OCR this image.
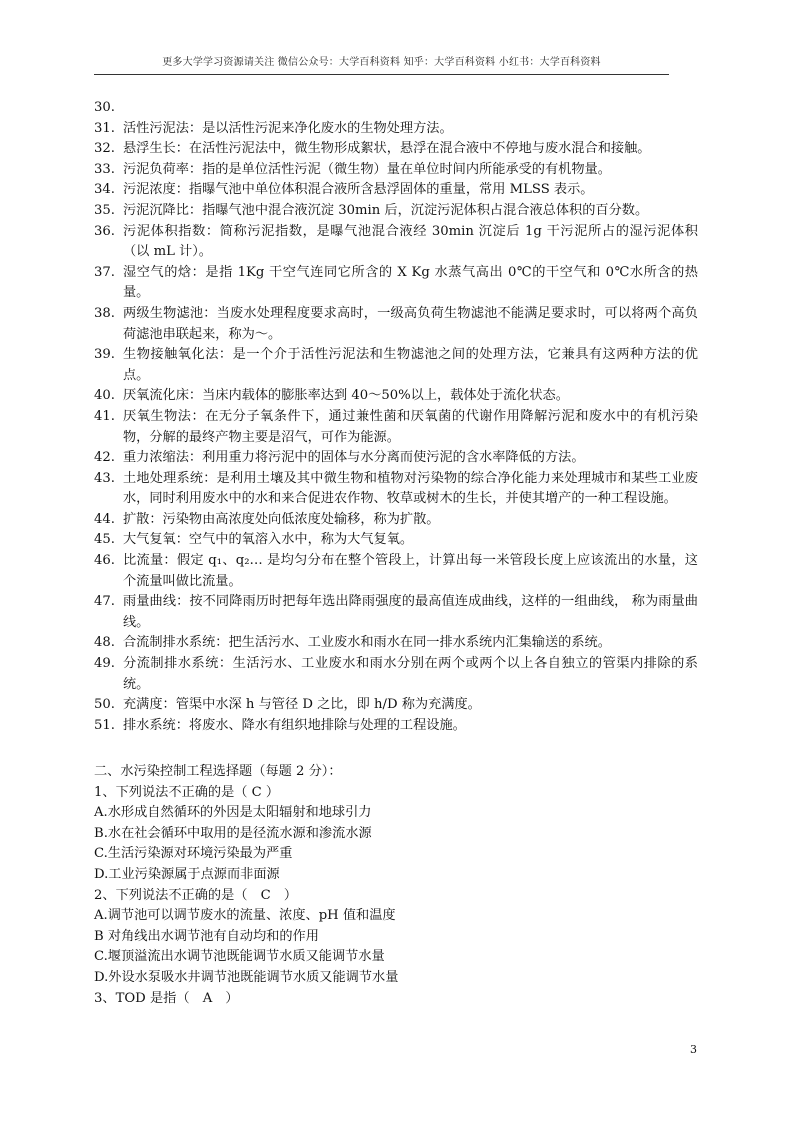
更多大学学习资源请关注 微信公众号：大学百科资料 知乎：大学百科资料 小红书：大学百科资料
30.
31. 活性污泥法：是以活性污泥来净化废水的生物处理方法。
32. 悬浮生长：在活性污泥法中，微生物形成絮状，悬浮在混合液中不停地与废水混合和接触。
33. 污泥负荷率：指的是单位活性污泥（微生物）量在单位时间内所能承受的有机物量。
34. 污泥浓度：指曝气池中单位体积混合液所含悬浮固体的重量，常用 MLSS 表示。
35. 污泥沉降比：指曝气池中混合液沉淀 30min 后，沉淀污泥体积占混合液总体积的百分数。
36. 污泥体积指数：简称污泥指数，是曝气池混合液经 30min 沉淀后 1g 干污泥所占的湿污泥体积（以 mL 计）。
37. 湿空气的焓：是指 1Kg 干空气连同它所含的 X Kg 水蒸气高出 0℃的干空气和 0℃水所含的热量。
38. 两级生物滤池：当废水处理程度要求高时，一级高负荷生物滤池不能满足要求时，可以将两个高负荷滤池串联起来，称为～。
39. 生物接触氧化法：是一个介于活性污泥法和生物滤池之间的处理方法，它兼具有这两种方法的优点。
40. 厌氧流化床：当床内载体的膨胀率达到 40～50%以上，载体处于流化状态。
41. 厌氧生物法：在无分子氧条件下，通过兼性菌和厌氧菌的代谢作用降解污泥和废水中的有机污染物，分解的最终产物主要是沼气，可作为能源。
42. 重力浓缩法：利用重力将污泥中的固体与水分离而使污泥的含水率降低的方法。
43. 土地处理系统：是利用土壤及其中微生物和植物对污染物的综合净化能力来处理城市和某些工业废水，同时利用废水中的水和来合促进农作物、牧草或树木的生长，并使其增产的一种工程设施。
44. 扩散：污染物由高浓度处向低浓度处输移，称为扩散。
45. 大气复氧：空气中的氧溶入水中，称为大气复氧。
46. 比流量：假定 q₁、q₂… 是均匀分布在整个管段上，计算出每一米管段长度上应该流出的水量，这个流量叫做比流量。
47. 雨量曲线：按不同降雨历时把每年选出降雨强度的最高值连成曲线，这样的一组曲线， 称为雨量曲线。
48. 合流制排水系统：把生活污水、工业废水和雨水在同一排水系统内汇集输送的系统。
49. 分流制排水系统：生活污水、工业废水和雨水分别在两个或两个以上各自独立的管渠内排除的系统。
50. 充满度：管渠中水深 h 与管径 D 之比，即 h/D 称为充满度。
51. 排水系统：将废水、降水有组织地排除与处理的工程设施。
二、水污染控制工程选择题（每题 2 分）：
1、下列说法不正确的是（ C ）
A.水形成自然循环的外因是太阳辐射和地球引力
B.水在社会循环中取用的是径流水源和渗流水源
C.生活污染源对环境污染最为严重
D.工业污染源属于点源而非面源
2、下列说法不正确的是（　C　）
A.调节池可以调节废水的流量、浓度、pH 值和温度
B 对角线出水调节池有自动均和的作用
C.堰顶溢流出水调节池既能调节水质又能调节水量
D.外设水泵吸水井调节池既能调节水质又能调节水量
3、TOD 是指（　A　）
3
